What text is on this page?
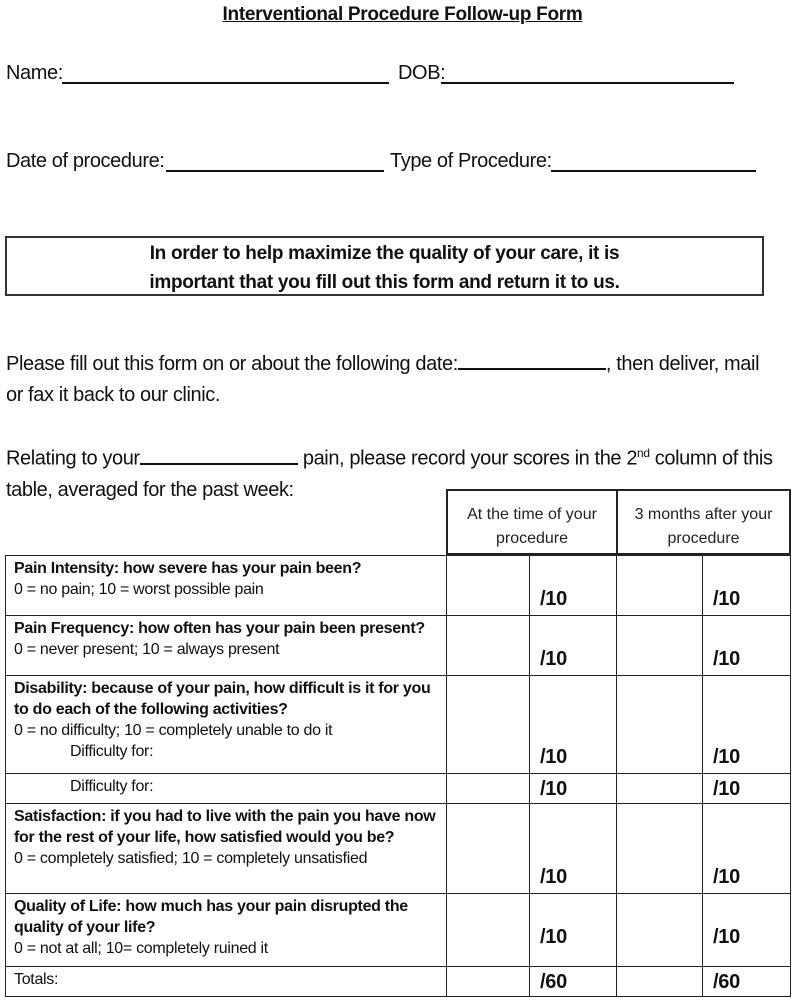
Interventional Procedure Follow-up Form
Name:	DOB:
Date of procedure:	Type of Procedure:
In order to help maximize the quality of your care, it is
important that you fill out this form and return it to us.
Please fill out this form on or about the following date:	, then deliver, mail
or fax it back to our clinic.
Relating to your	pain, please record your scores in the 2nd column of this
table, averaged for the past week:
At the time of your procedure
3 months after your procedure
Pain Intensity: how severe has your pain been?
0 = no pain; 10 = worst possible pain		/10		/10
Pain Frequency: how often has your pain been present?
0 = never present; 10 = always present		/10		/10
Disability: because of your pain, how difficult is it for you to do each of the following activities?
0 = no difficulty; 10 = completely unable to do it
Difficulty for:		/10		/10
Difficulty for:		/10		/10
Satisfaction: if you had to live with the pain you have now for the rest of your life, how satisfied would you be?
0 = completely satisfied; 10 = completely unsatisfied		/10		/10
Quality of Life: how much has your pain disrupted the quality of your life?
0 = not at all; 10= completely ruined it		/10		/10
Totals:		/60		/60
